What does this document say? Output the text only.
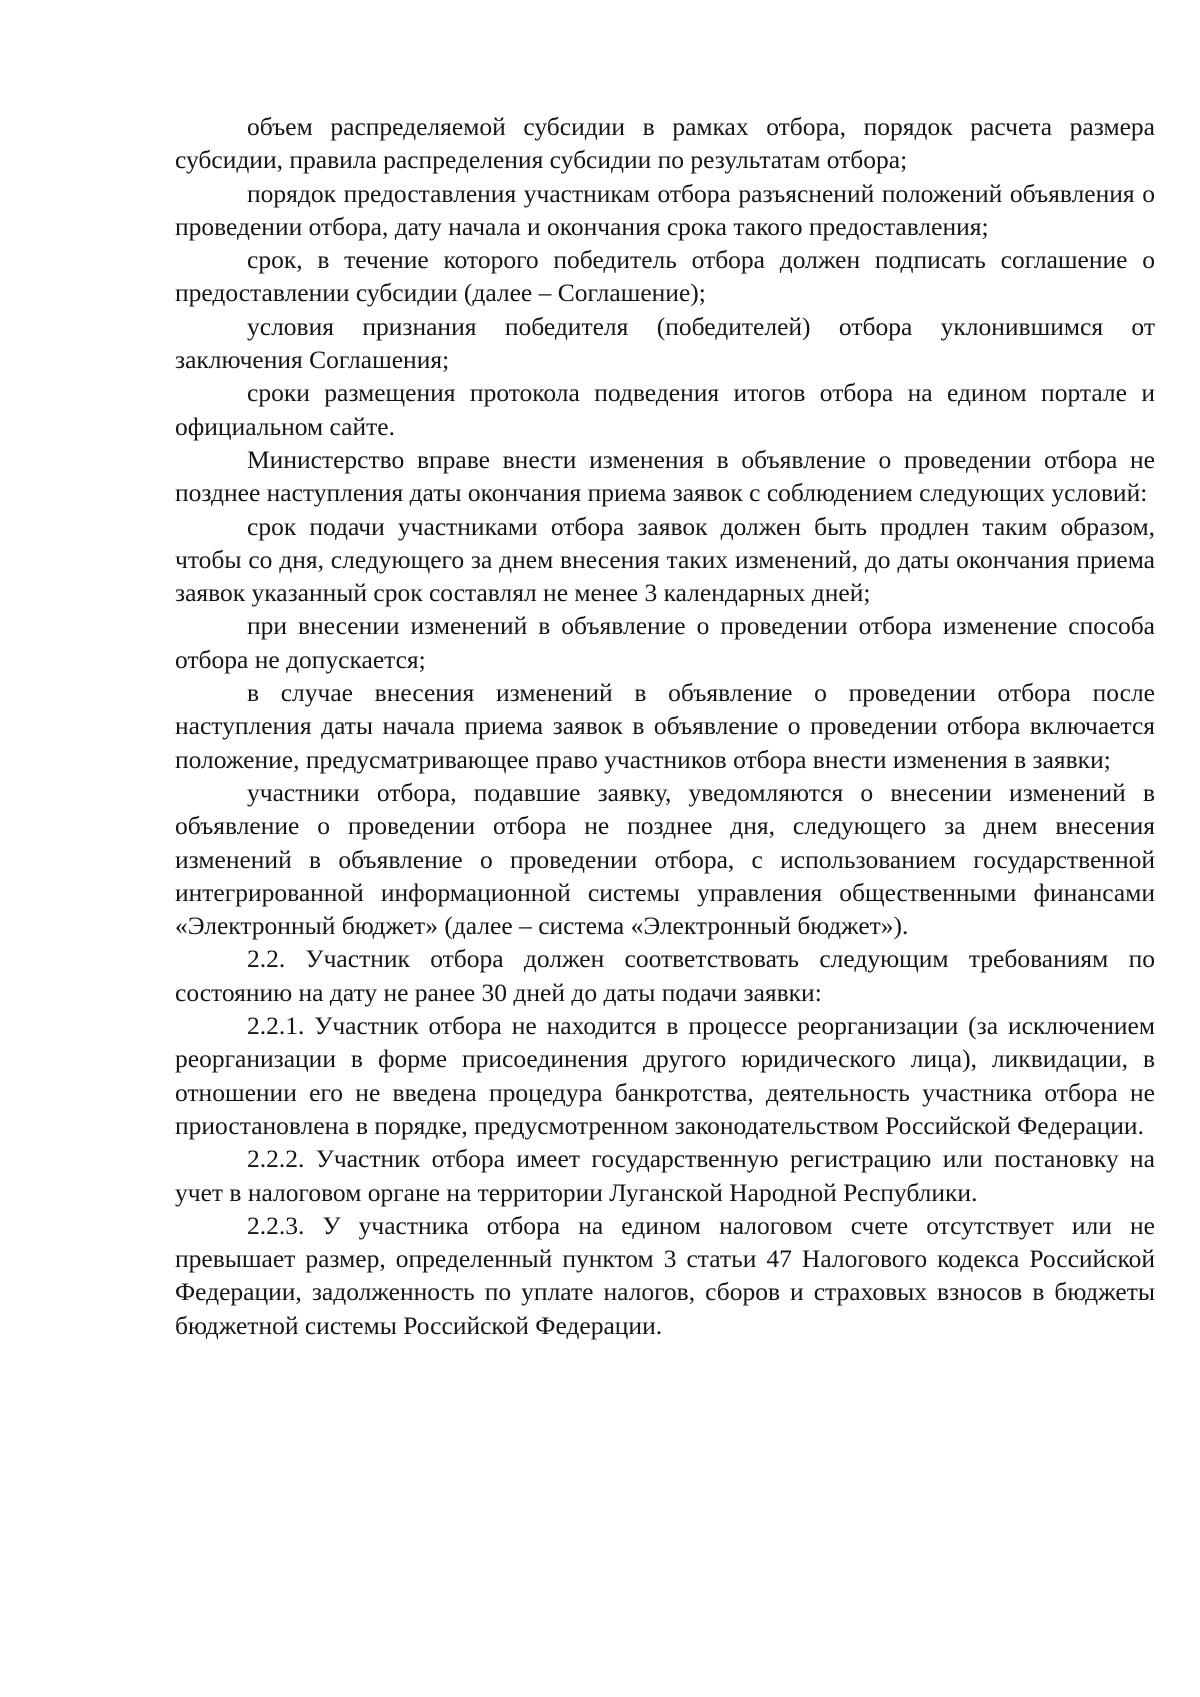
объем распределяемой субсидии в рамках отбора, порядок расчета размера субсидии, правила распределения субсидии по результатам отбора;

порядок предоставления участникам отбора разъяснений положений объявления о проведении отбора, дату начала и окончания срока такого предоставления;

срок, в течение которого победитель отбора должен подписать соглашение о предоставлении субсидии (далее – Соглашение);

условия признания победителя (победителей) отбора уклонившимся от заключения Соглашения;

сроки размещения протокола подведения итогов отбора на едином портале и официальном сайте.

Министерство вправе внести изменения в объявление о проведении отбора не позднее наступления даты окончания приема заявок с соблюдением следующих условий:

срок подачи участниками отбора заявок должен быть продлен таким образом, чтобы со дня, следующего за днем внесения таких изменений, до даты окончания приема заявок указанный срок составлял не менее 3 календарных дней;

при внесении изменений в объявление о проведении отбора изменение способа отбора не допускается;

в случае внесения изменений в объявление о проведении отбора после наступления даты начала приема заявок в объявление о проведении отбора включается положение, предусматривающее право участников отбора внести изменения в заявки;

участники отбора, подавшие заявку, уведомляются о внесении изменений в объявление о проведении отбора не позднее дня, следующего за днем внесения изменений в объявление о проведении отбора, с использованием государственной интегрированной информационной системы управления общественными финансами «Электронный бюджет» (далее – система «Электронный бюджет»).

2.2. Участник отбора должен соответствовать следующим требованиям по состоянию на дату не ранее 30 дней до даты подачи заявки:

2.2.1. Участник отбора не находится в процессе реорганизации (за исключением реорганизации в форме присоединения другого юридического лица), ликвидации, в отношении его не введена процедура банкротства, деятельность участника отбора не приостановлена в порядке, предусмотренном законодательством Российской Федерации.

2.2.2. Участник отбора имеет государственную регистрацию или постановку на учет в налоговом органе на территории Луганской Народной Республики.

2.2.3. У участника отбора на едином налоговом счете отсутствует или не превышает размер, определенный пунктом 3 статьи 47 Налогового кодекса Российской Федерации, задолженность по уплате налогов, сборов и страховых взносов в бюджеты бюджетной системы Российской Федерации.
